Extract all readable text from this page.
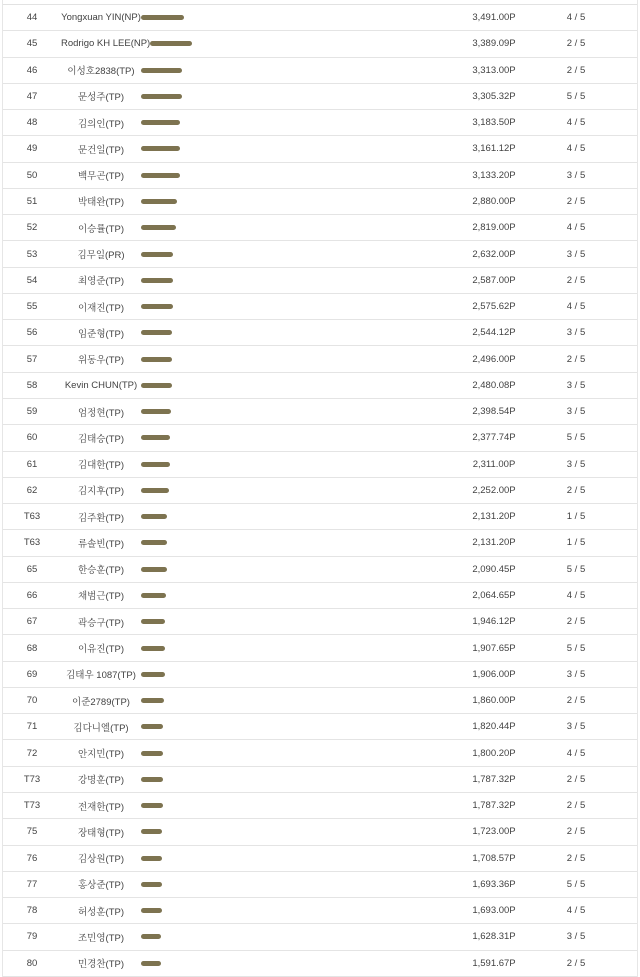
44	Yongxuan YIN(NP)	3,491.00P	4 / 5
45	Rodrigo KH LEE(NP)	3,389.09P	2 / 5
46	이성호2838(TP)	3,313.00P	2 / 5
47	문성주(TP)	3,305.32P	5 / 5
48	김의인(TP)	3,183.50P	4 / 5
49	문건일(TP)	3,161.12P	4 / 5
50	백무곤(TP)	3,133.20P	3 / 5
51	박태완(TP)	2,880.00P	2 / 5
52	이승률(TP)	2,819.00P	4 / 5
53	김무일(PR)	2,632.00P	3 / 5
54	최영준(TP)	2,587.00P	2 / 5
55	이재진(TP)	2,575.62P	4 / 5
56	임준형(TP)	2,544.12P	3 / 5
57	위동우(TP)	2,496.00P	2 / 5
58	Kevin CHUN(TP)	2,480.08P	3 / 5
59	엄정현(TP)	2,398.54P	3 / 5
60	김태승(TP)	2,377.74P	5 / 5
61	김대한(TP)	2,311.00P	3 / 5
62	김지후(TP)	2,252.00P	2 / 5
T63	김주환(TP)	2,131.20P	1 / 5
T63	류솔빈(TP)	2,131.20P	1 / 5
65	한승훈(TP)	2,090.45P	5 / 5
66	채범근(TP)	2,064.65P	4 / 5
67	곽승구(TP)	1,946.12P	2 / 5
68	이유진(TP)	1,907.65P	5 / 5
69	김태우 1087(TP)	1,906.00P	3 / 5
70	이준2789(TP)	1,860.00P	2 / 5
71	김다니엘(TP)	1,820.44P	3 / 5
72	안지민(TP)	1,800.20P	4 / 5
T73	강명훈(TP)	1,787.32P	2 / 5
T73	전재한(TP)	1,787.32P	2 / 5
75	장태형(TP)	1,723.00P	2 / 5
76	김상원(TP)	1,708.57P	2 / 5
77	홍상준(TP)	1,693.36P	5 / 5
78	허성훈(TP)	1,693.00P	4 / 5
79	조민영(TP)	1,628.31P	3 / 5
80	민경찬(TP)	1,591.67P	2 / 5
